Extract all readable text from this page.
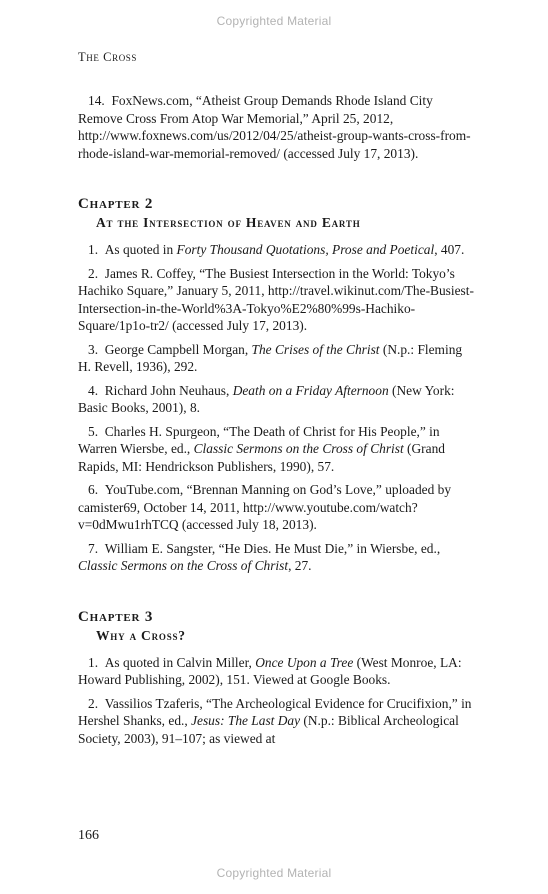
Copyrighted Material
The Cross

14. FoxNews.com, “Atheist Group Demands Rhode Island City Remove Cross From Atop War Memorial,” April 25, 2012, http://www.foxnews.com/us/2012/04/25/atheist-group-wants-cross-from-rhode-island-war-memorial-removed/ (accessed July 17, 2013).

Chapter 2
At the Intersection of Heaven and Earth

1. As quoted in Forty Thousand Quotations, Prose and Poetical, 407.

2. James R. Coffey, “The Busiest Intersection in the World: Tokyo’s Hachiko Square,” January 5, 2011, http://travel.wikinut.com/The-Busiest-Intersection-in-the-World%3A-Tokyo%E2%80%99s-Hachiko-Square/1p1o-tr2/ (accessed July 17, 2013).

3. George Campbell Morgan, The Crises of the Christ (N.p.: Fleming H. Revell, 1936), 292.

4. Richard John Neuhaus, Death on a Friday Afternoon (New York: Basic Books, 2001), 8.

5. Charles H. Spurgeon, “The Death of Christ for His People,” in Warren Wiersbe, ed., Classic Sermons on the Cross of Christ (Grand Rapids, MI: Hendrickson Publishers, 1990), 57.

6. YouTube.com, “Brennan Manning on God’s Love,” uploaded by camister69, October 14, 2011, http://www.youtube.com/watch?v=0dMwu1rhTCQ (accessed July 18, 2013).

7. William E. Sangster, “He Dies. He Must Die,” in Wiersbe, ed., Classic Sermons on the Cross of Christ, 27.

Chapter 3
Why a Cross?

1. As quoted in Calvin Miller, Once Upon a Tree (West Monroe, LA: Howard Publishing, 2002), 151. Viewed at Google Books.

2. Vassilios Tzaferis, “The Archeological Evidence for Crucifixion,” in Hershel Shanks, ed., Jesus: The Last Day (N.p.: Biblical Archeological Society, 2003), 91–107; as viewed at

166
Copyrighted Material
